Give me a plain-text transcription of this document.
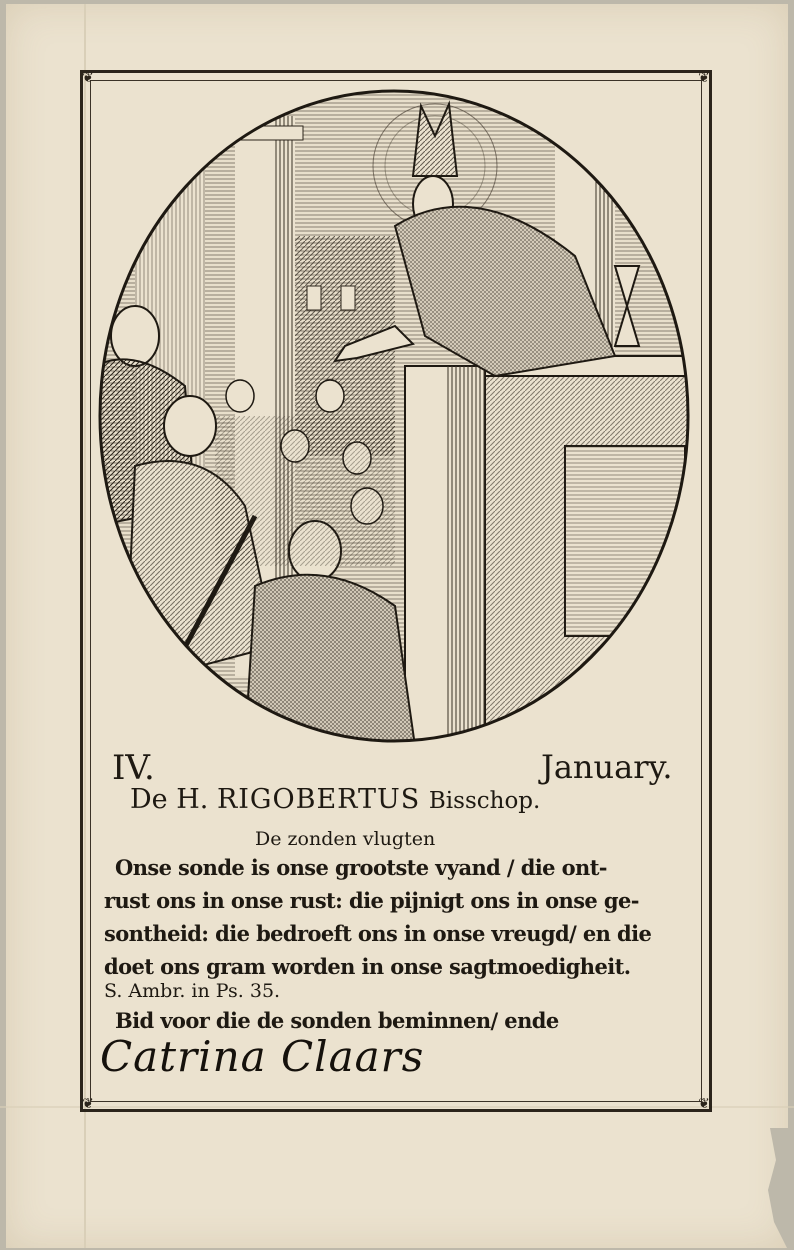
❦	❦
❦	❦
IV.	January.
De H. RIGOBERTUS Bisschop.
De zonden vlugten
Onse sonde is onse grootste vyand / die ont-
rust ons in onse rust: die pijnigt ons in onse ge-
sontheid: die bedroeft ons in onse vreugd/ en die
doet ons gram worden in onse sagtmoedigheit.
S. Ambr. in Ps. 35.
Bid voor die de sonden beminnen/ ende
Catrina Claars
